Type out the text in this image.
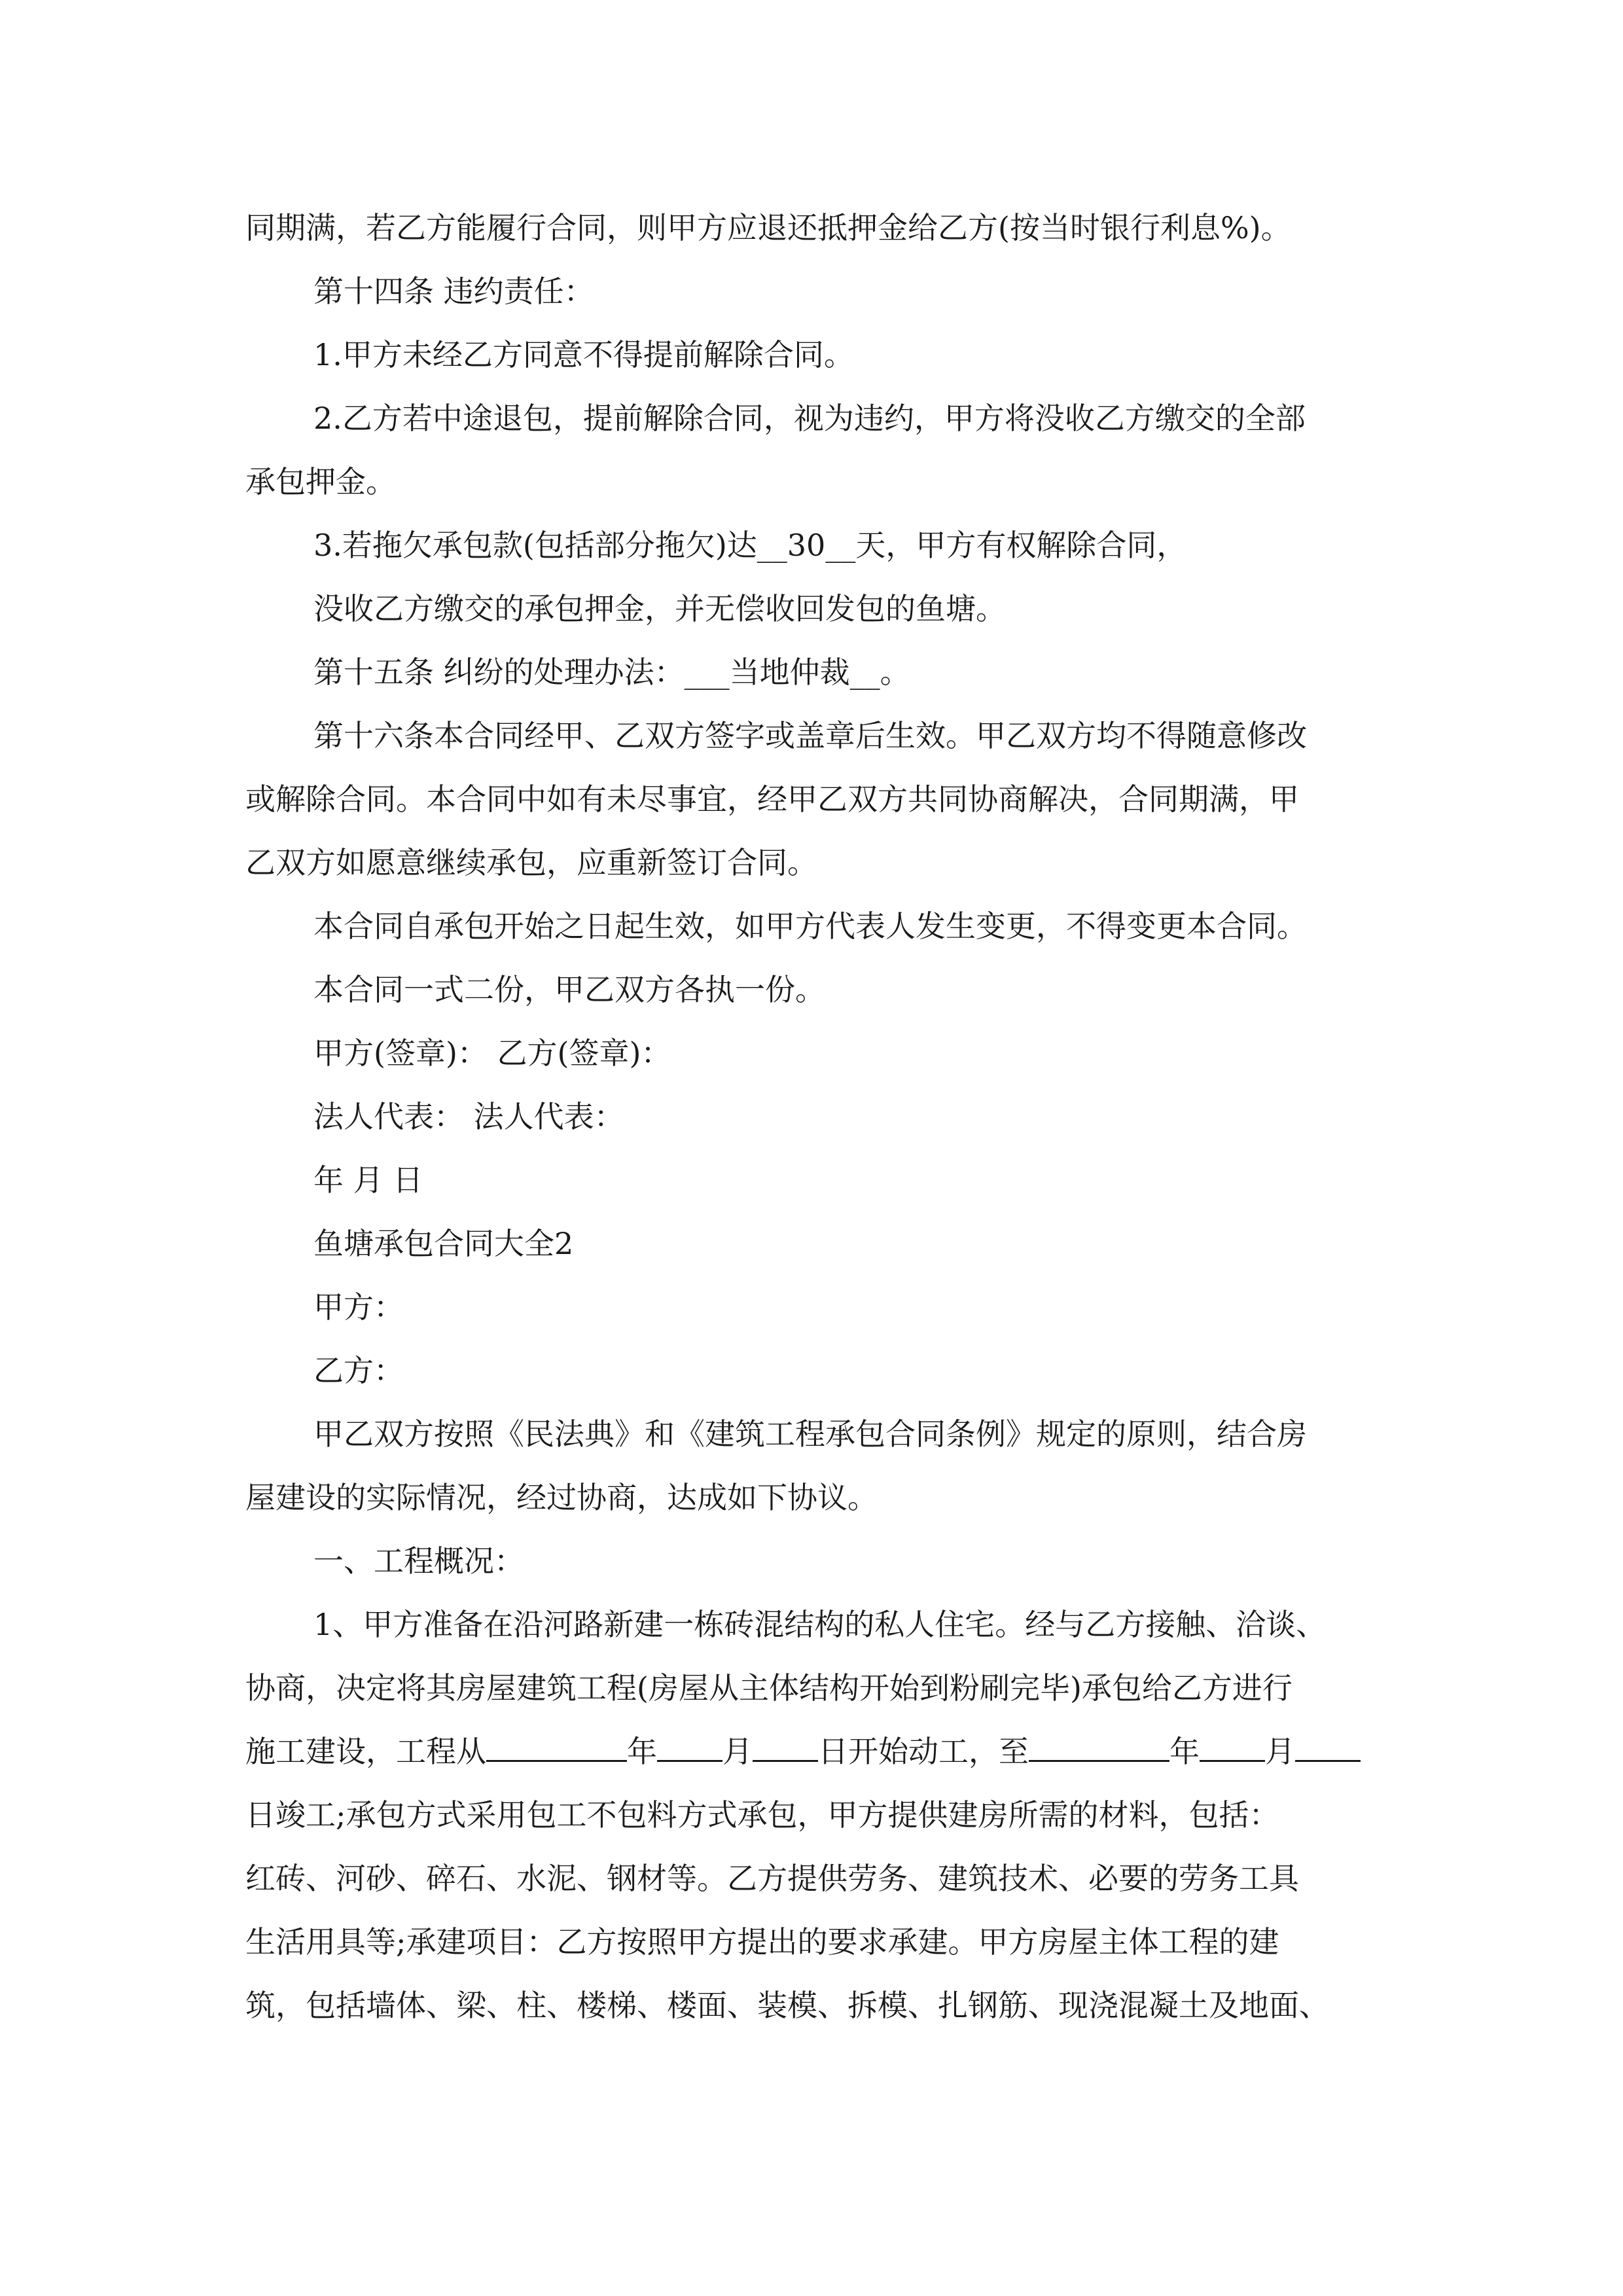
同期满，若乙方能履行合同，则甲方应退还抵押金给乙方(按当时银行利息%)。

第十四条 违约责任：

1.甲方未经乙方同意不得提前解除合同。

2.乙方若中途退包，提前解除合同，视为违约，甲方将没收乙方缴交的全部

承包押金。

3.若拖欠承包款(包括部分拖欠)达__30__天，甲方有权解除合同，

没收乙方缴交的承包押金，并无偿收回发包的鱼塘。

第十五条 纠纷的处理办法：___当地仲裁__。

第十六条本合同经甲、乙双方签字或盖章后生效。甲乙双方均不得随意修改

或解除合同。本合同中如有未尽事宜，经甲乙双方共同协商解决，合同期满，甲

乙双方如愿意继续承包，应重新签订合同。

本合同自承包开始之日起生效，如甲方代表人发生变更，不得变更本合同。

本合同一式二份，甲乙双方各执一份。

甲方(签章)： 乙方(签章)：

法人代表： 法人代表：

年 月 日

鱼塘承包合同大全2

甲方：

乙方：

甲乙双方按照《民法典》和《建筑工程承包合同条例》规定的原则，结合房

屋建设的实际情况，经过协商，达成如下协议。

一、工程概况：

1、甲方准备在沿河路新建一栋砖混结构的私人住宅。经与乙方接触、洽谈、

协商，决定将其房屋建筑工程(房屋从主体结构开始到粉刷完毕)承包给乙方进行

施工建设，工程从	年 月 日开始动工，至	年 月

日竣工;承包方式采用包工不包料方式承包，甲方提供建房所需的材料，包括：

红砖、河砂、碎石、水泥、钢材等。乙方提供劳务、建筑技术、必要的劳务工具

生活用具等;承建项目：乙方按照甲方提出的要求承建。甲方房屋主体工程的建

筑，包括墙体、梁、柱、楼梯、楼面、装模、拆模、扎钢筋、现浇混凝土及地面、
